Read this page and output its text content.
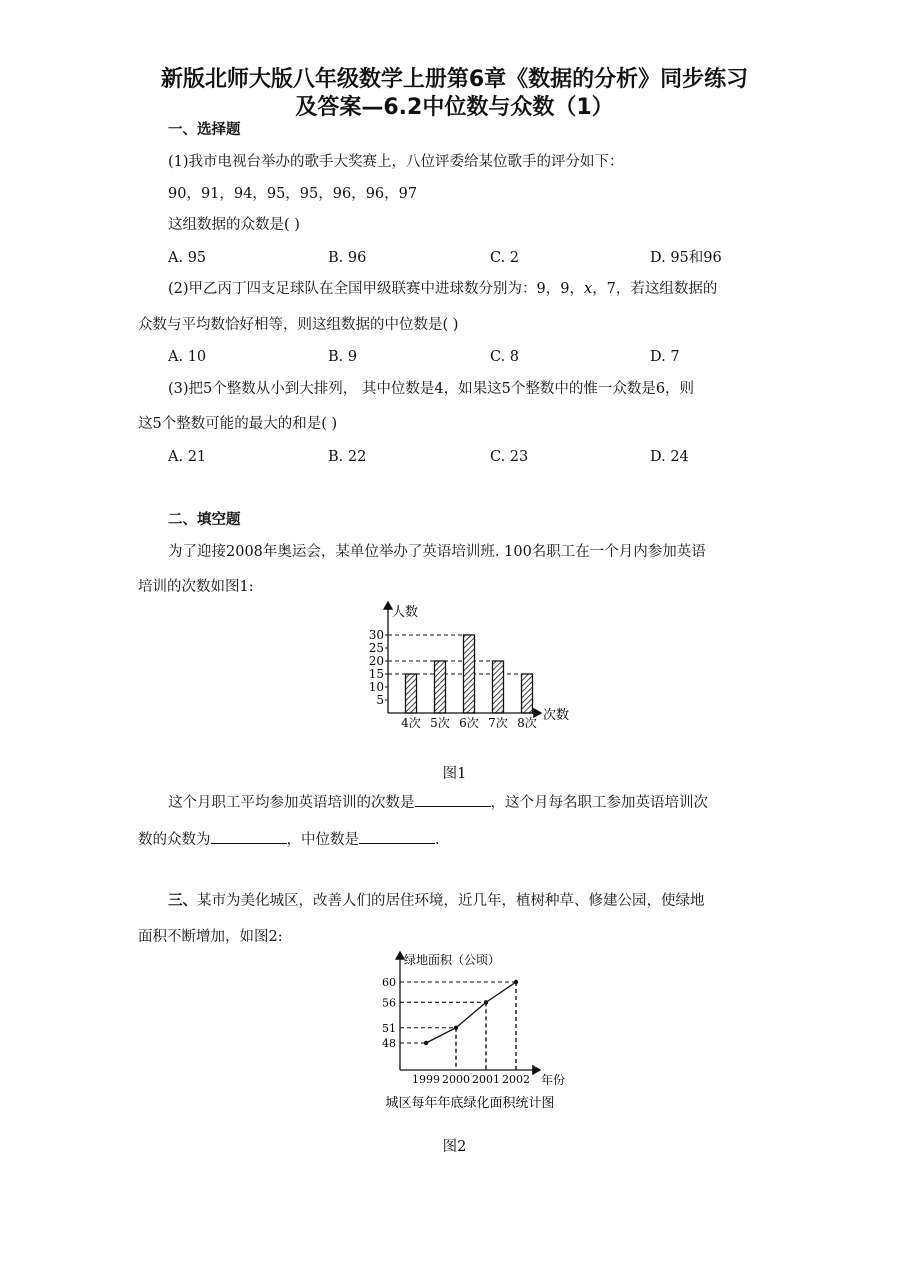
新版北师大版八年级数学上册第6章《数据的分析》同步练习
及答案—6.2中位数与众数（1）
一、选择题
(1)我市电视台举办的歌手大奖赛上，八位评委给某位歌手的评分如下：
90，91，94，95，95，96，96，97
这组数据的众数是( )
A. 95	B. 96	C. 2	D. 95和96
(2)甲乙丙丁四支足球队在全国甲级联赛中进球数分别为：9，9，x，7，若这组数据的
众数与平均数恰好相等，则这组数据的中位数是( )
A. 10	B. 9	C. 8	D. 7
(3)把5个整数从小到大排列， 其中位数是4，如果这5个整数中的惟一众数是6，则
这5个整数可能的最大的和是( )
A. 21	B. 22	C. 23	D. 24
二、填空题
为了迎接2008年奥运会，某单位举办了英语培训班. 100名职工在一个月内参加英语
培训的次数如图1:
5
10
15
20
25
30
4次 5次 6次 7次 8次
人数
次数
图1
这个月职工平均参加英语培训的次数是	，这个月每名职工参加英语培训次
数的众数为	，中位数是	.
三、某市为美化城区，改善人们的居住环境，近几年，植树种草、修建公园，使绿地
面积不断增加，如图2:
48
51
56
60
1999 2000 2001 2002
绿地面积（公顷）
年份
城区每年年底绿化面积统计图
图2
